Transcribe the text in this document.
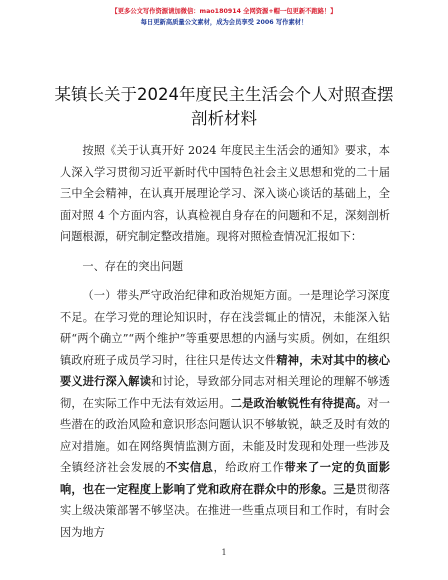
【更多公文写作资源请加微信：mao180914 全网资源+帽一包更新不跑路！】
每日更新高质量公文素材，成为会员享受 2006 写作素材！
某镇长关于2024年度民主生活会个人对照查摆剖析材料

按照《关于认真开好 2024 年度民主生活会的通知》要求，本人深入学习贯彻习近平新时代中国特色社会主义思想和党的二十届三中全会精神，在认真开展理论学习、深入谈心谈话的基础上，全面对照 4 个方面内容，认真检视自身存在的问题和不足，深刻剖析问题根源，研究制定整改措施。现将对照检查情况汇报如下：

一、存在的突出问题

（一）带头严守政治纪律和政治规矩方面。一是理论学习深度不足。在学习党的理论知识时，存在浅尝辄止的情况，未能深入钻研“两个确立”“两个维护”等重要思想的内涵与实质。例如，在组织镇政府班子成员学习时，往往只是传达文件精神，未对其中的核心要义进行深入解读和讨论，导致部分同志对相关理论的理解不够透彻，在实际工作中无法有效运用。二是政治敏锐性有待提高。对一些潜在的政治风险和意识形态问题认识不够敏锐，缺乏及时有效的应对措施。如在网络舆情监测方面，未能及时发现和处理一些涉及全镇经济社会发展的不实信息，给政府工作带来了一定的负面影响，也在一定程度上影响了党和政府在群众中的形象。三是贯彻落实上级决策部署不够坚决。在推进一些重点项目和工作时，有时会因为地方

1
